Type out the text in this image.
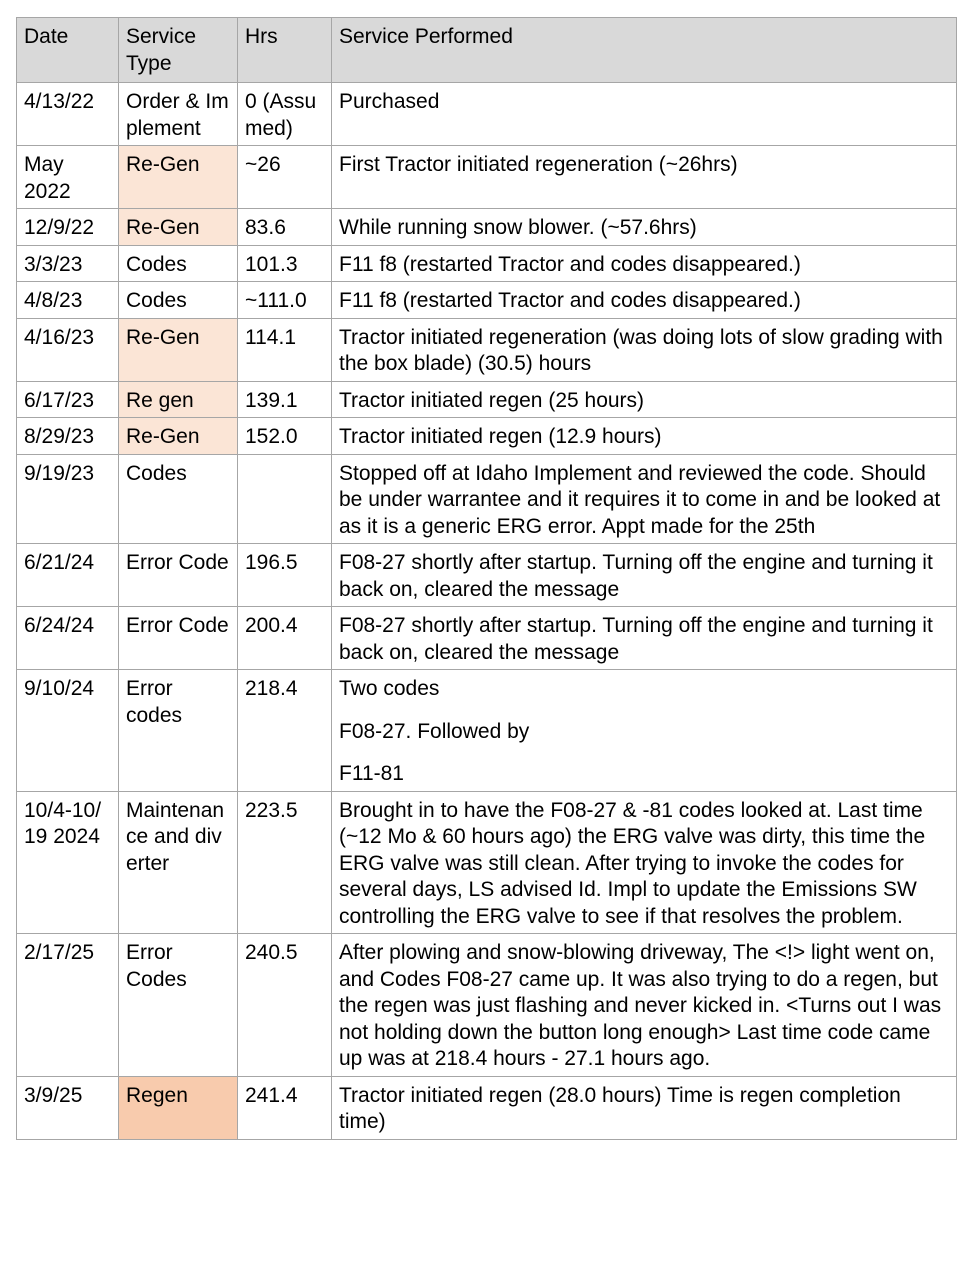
Date	Service Type	Hrs	Service Performed
4/13/22	Order & Implement	0 (Assumed)	Purchased

May 2022	Re-Gen	~26	First Tractor initiated regeneration (~26hrs)

12/9/22	Re-Gen	83.6	While running snow blower. (~57.6hrs)

3/3/23	Codes	101.3	F11 f8 (restarted Tractor and codes disappeared.)

4/8/23	Codes	~111.0	F11 f8 (restarted Tractor and codes disappeared.)

4/16/23	Re-Gen	114.1	Tractor initiated regeneration (was doing lots of slow grading with the box blade) (30.5) hours

6/17/23	Re gen	139.1	Tractor initiated regen (25 hours)

8/29/23	Re-Gen	152.0	Tractor initiated regen (12.9 hours)

9/19/23	Codes		Stopped off at Idaho Implement and reviewed the code. Should be under warrantee and it requires it to come in and be looked at as it is a generic ERG error. Appt made for the 25th

6/21/24	Error Code	196.5	F08-27 shortly after startup. Turning off the engine and turning it back on, cleared the message

6/24/24	Error Code	200.4	F08-27 shortly after startup. Turning off the engine and turning it back on, cleared the message

9/10/24	Error codes	218.4	Two codes

F08-27. Followed by

F11-81

10/4-10/19 2024	Maintenance and diverter	223.5	Brought in to have the F08-27 & -81 codes looked at. Last time (~12 Mo & 60 hours ago) the ERG valve was dirty, this time the ERG valve was still clean. After trying to invoke the codes for several days, LS advised Id. Impl to update the Emissions SW controlling the ERG valve to see if that resolves the problem.

2/17/25	Error Codes	240.5	After plowing and snow-blowing driveway, The <!> light went on, and Codes F08-27 came up. It was also trying to do a regen, but the regen was just flashing and never kicked in. <Turns out I was not holding down the button long enough> Last time code came up was at 218.4 hours - 27.1 hours ago.

3/9/25	Regen	241.4	Tractor initiated regen (28.0 hours) Time is regen completion time)
